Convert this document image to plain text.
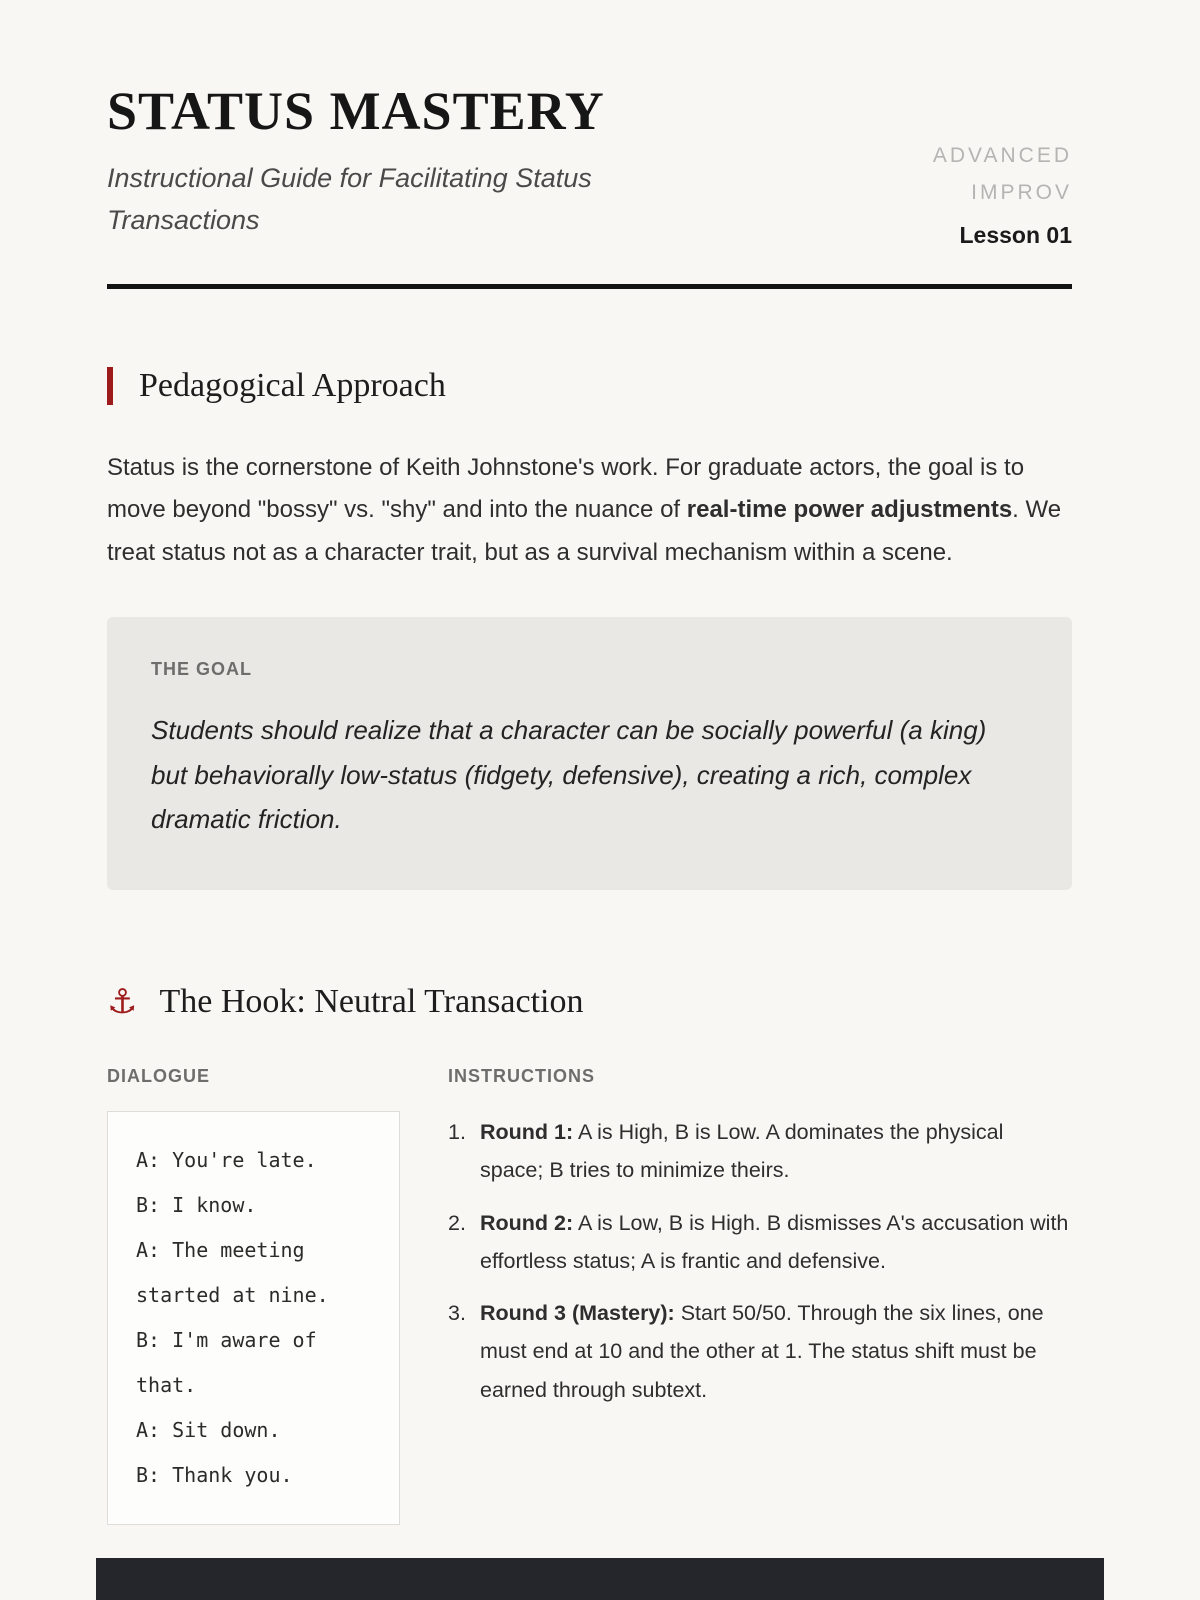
STATUS MASTERY

Instructional Guide for Facilitating Status Transactions

ADVANCED
IMPROV
Lesson 01
Pedagogical Approach

Status is the cornerstone of Keith Johnstone's work. For graduate actors, the goal is to move beyond "bossy" vs. "shy" and into the nuance of real-time power adjustments. We treat status not as a character trait, but as a survival mechanism within a scene.

THE GOAL

Students should realize that a character can be socially powerful (a king) but behaviorally low-status (fidgety, defensive), creating a rich, complex dramatic friction.

⚓ The Hook: Neutral Transaction
DIALOGUE
A: You're late.
B: I know.
A: The meeting started at nine.
B: I'm aware of that.
A: Sit down.
B: Thank you.
INSTRUCTIONS
1. Round 1: A is High, B is Low. A dominates the physical space; B tries to minimize theirs.
2. Round 2: A is Low, B is High. B dismisses A's accusation with effortless status; A is frantic and defensive.
3. Round 3 (Mastery): Start 50/50. Through the six lines, one must end at 10 and the other at 1. The status shift must be earned through subtext.
